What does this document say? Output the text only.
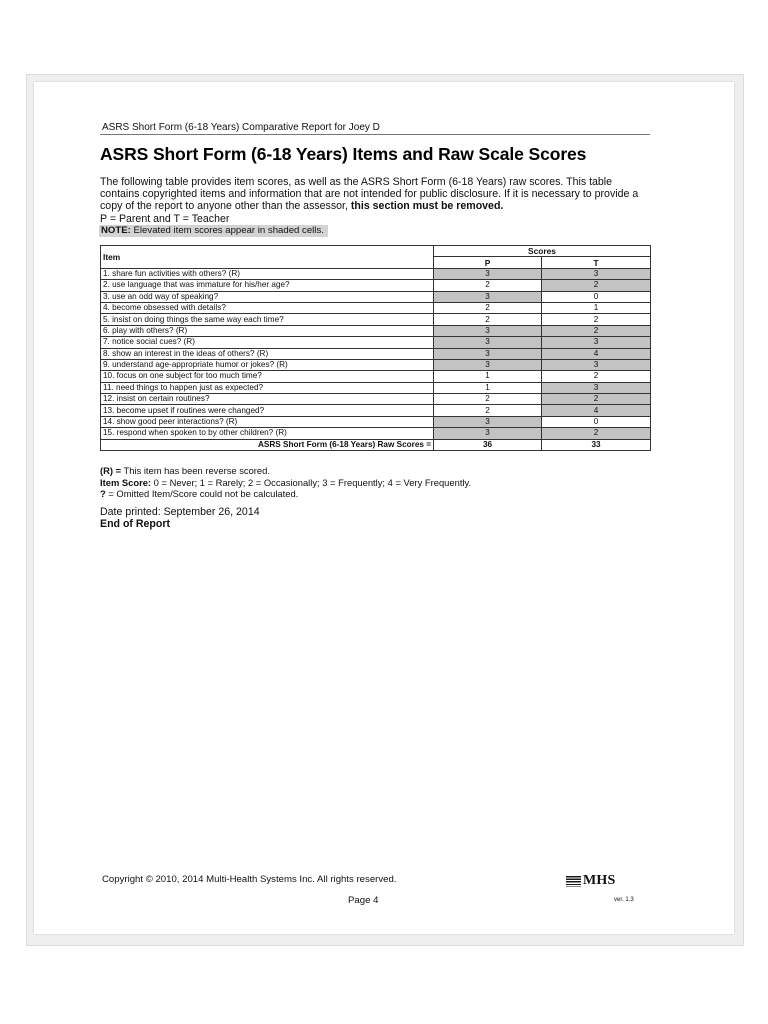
ASRS Short Form (6-18 Years) Comparative Report for Joey D
ASRS Short Form (6-18 Years) Items and Raw Scale Scores
The following table provides item scores, as well as the ASRS Short Form (6-18 Years) raw scores. This table contains copyrighted items and information that are not intended for public disclosure. If it is necessary to provide a copy of the report to anyone other than the assessor, this section must be removed.
P = Parent and T = Teacher
NOTE: Elevated item scores appear in shaded cells.
Item	Scores	
	P	T
1. share fun activities with others? (R)	3	3
2. use language that was immature for his/her age?	2	2
3. use an odd way of speaking?	3	0
4. become obsessed with details?	2	1
5. insist on doing things the same way each time?	2	2
6. play with others? (R)	3	2
7. notice social cues? (R)	3	3
8. show an interest in the ideas of others? (R)	3	4
9. understand age-appropriate humor or jokes? (R)	3	3
10. focus on one subject for too much time?	1	2
11. need things to happen just as expected?	1	3
12. insist on certain routines?	2	2
13. become upset if routines were changed?	2	4
14. show good peer interactions? (R)	3	0
15. respond when spoken to by other children? (R)	3	2
ASRS Short Form (6-18 Years) Raw Scores =	36	33
(R) = This item has been reverse scored.
Item Score: 0 = Never; 1 = Rarely; 2 = Occasionally; 3 = Frequently; 4 = Very Frequently.
? = Omitted Item/Score could not be calculated.
Date printed: September 26, 2014
End of Report
Copyright © 2010, 2014 Multi-Health Systems Inc. All rights reserved.	MHS
Page 4	ver. 1.3
